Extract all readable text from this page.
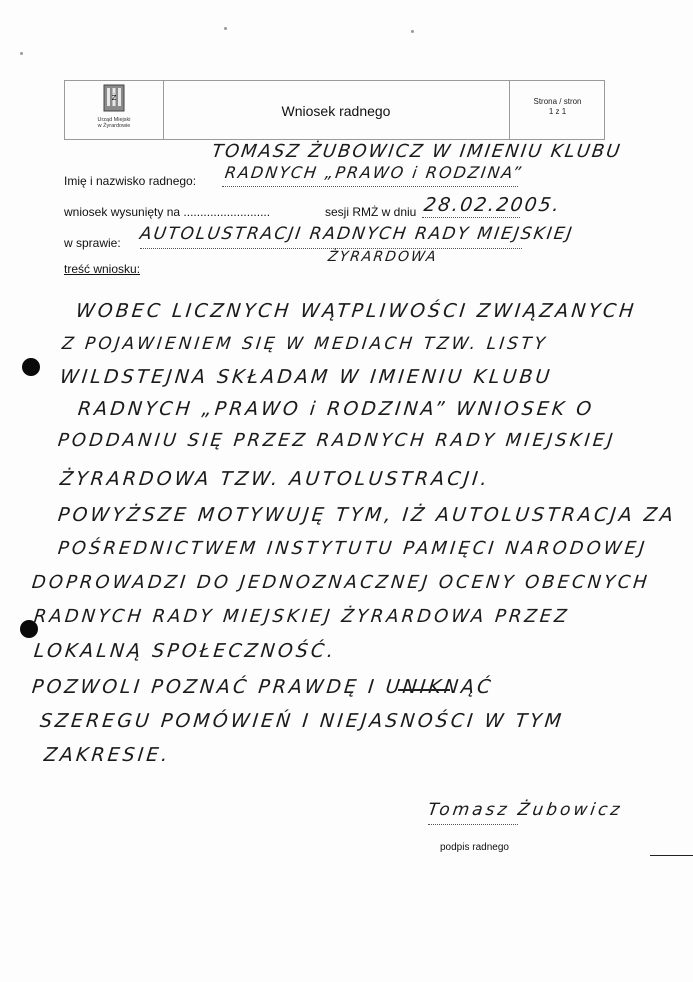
Ż
Urząd Miejski
w Żyrardowie
Wniosek radnego
Strona / stron
1 z 1
TOMASZ ŻUBOWICZ W IMIENIU KLUBU
Imię i nazwisko radnego: RADNYCH „PRAWO i RODZINA”
wniosek wysunięty na ..........................	sesji RMŻ w dniu 28.02.2005.
w sprawie: AUTOLUSTRACJI RADNYCH RADY MIEJSKIEJ
ŻYRARDOWA
treść wniosku:
WOBEC LICZNYCH WĄTPLIWOŚCI ZWIĄZANYCH
Z POJAWIENIEM SIĘ W MEDIACH TZW. LISTY
WILDSTEJNA SKŁADAM W IMIENIU KLUBU
RADNYCH „PRAWO i RODZINA” WNIOSEK O
PODDANIU SIĘ PRZEZ RADNYCH RADY MIEJSKIEJ
ŻYRARDOWA TZW. AUTOLUSTRACJI.
POWYŻSZE MOTYWUJĘ TYM, IŻ AUTOLUSTRACJA ZA
POŚREDNICTWEM INSTYTUTU PAMIĘCI NARODOWEJ
DOPROWADZI DO JEDNOZNACZNEJ OCENY OBECNYCH
RADNYCH RADY MIEJSKIEJ ŻYRARDOWA PRZEZ
LOKALNĄ SPOŁECZNOŚĆ.
POZWOLI POZNAĆ PRAWDĘ I UNIKNĄĆ
SZEREGU POMÓWIEŃ I NIEJASNOŚCI W TYM
ZAKRESIE.
Tomasz Żubowicz
podpis radnego
